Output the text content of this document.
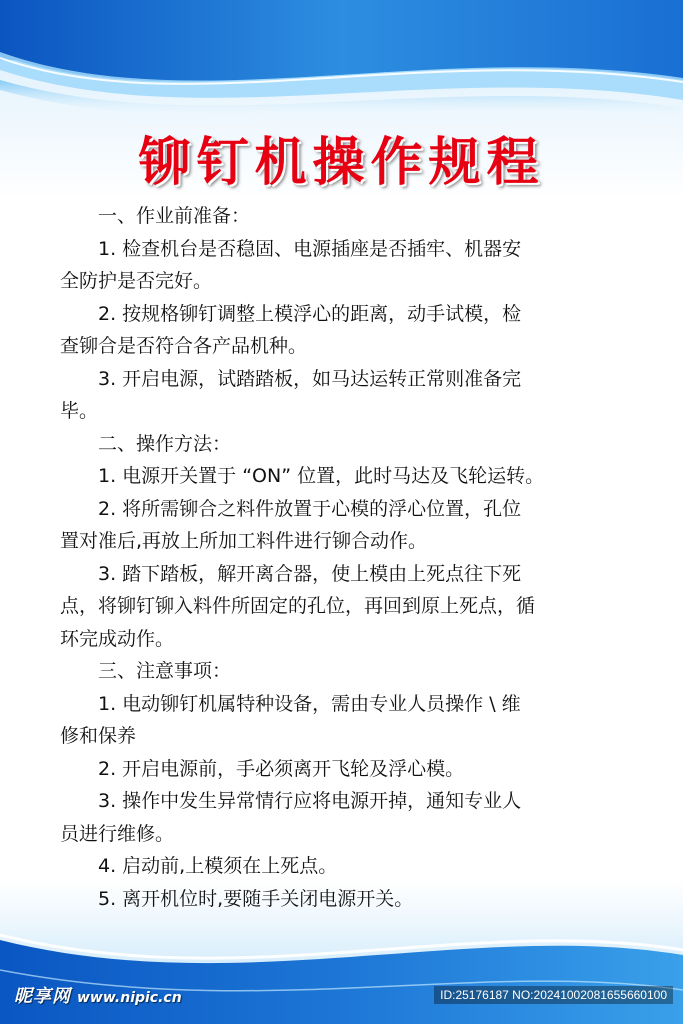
铆钉机操作规程

一、作业前准备：

1. 检查机台是否稳固、电源插座是否插牢、机器安

全防护是否完好。

2. 按规格铆钉调整上模浮心的距离，动手试模，检

查铆合是否符合各产品机种。

3. 开启电源，试踏踏板，如马达运转正常则准备完

毕。

二、操作方法：

1. 电源开关置于 “ON” 位置，此时马达及飞轮运转。

2. 将所需铆合之料件放置于心模的浮心位置，孔位

置对准后,再放上所加工料件进行铆合动作。

3. 踏下踏板，解开离合器，使上模由上死点往下死

点，将铆钉铆入料件所固定的孔位，再回到原上死点，循

环完成动作。

三、注意事项：

1. 电动铆钉机属特种设备，需由专业人员操作 \ 维

修和保养

2. 开启电源前，手必须离开飞轮及浮心模。

3. 操作中发生异常情行应将电源开掉，通知专业人

员进行维修。

4. 启动前,上模须在上死点。

5. 离开机位时,要随手关闭电源开关。

昵享网 www.nipic.cn	ID:25176187 NO:20241002081655660100
